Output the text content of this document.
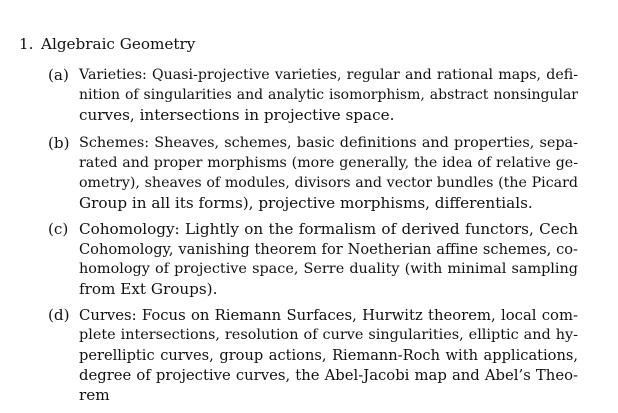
1. Algebraic Geometry
(a) Varieties: Quasi-projective varieties, regular and rational maps, defi-
nition of singularities and analytic isomorphism, abstract nonsingular
curves, intersections in projective space.
(b) Schemes: Sheaves, schemes, basic definitions and properties, sepa-
rated and proper morphisms (more generally, the idea of relative ge-
ometry), sheaves of modules, divisors and vector bundles (the Picard
Group in all its forms), projective morphisms, differentials.
(c) Cohomology: Lightly on the formalism of derived functors, Cech
Cohomology, vanishing theorem for Noetherian affine schemes, co-
homology of projective space, Serre duality (with minimal sampling
from Ext Groups).
(d) Curves: Focus on Riemann Surfaces, Hurwitz theorem, local com-
plete intersections, resolution of curve singularities, elliptic and hy-
perelliptic curves, group actions, Riemann-Roch with applications,
degree of projective curves, the Abel-Jacobi map and Abel’s Theo-
rem
